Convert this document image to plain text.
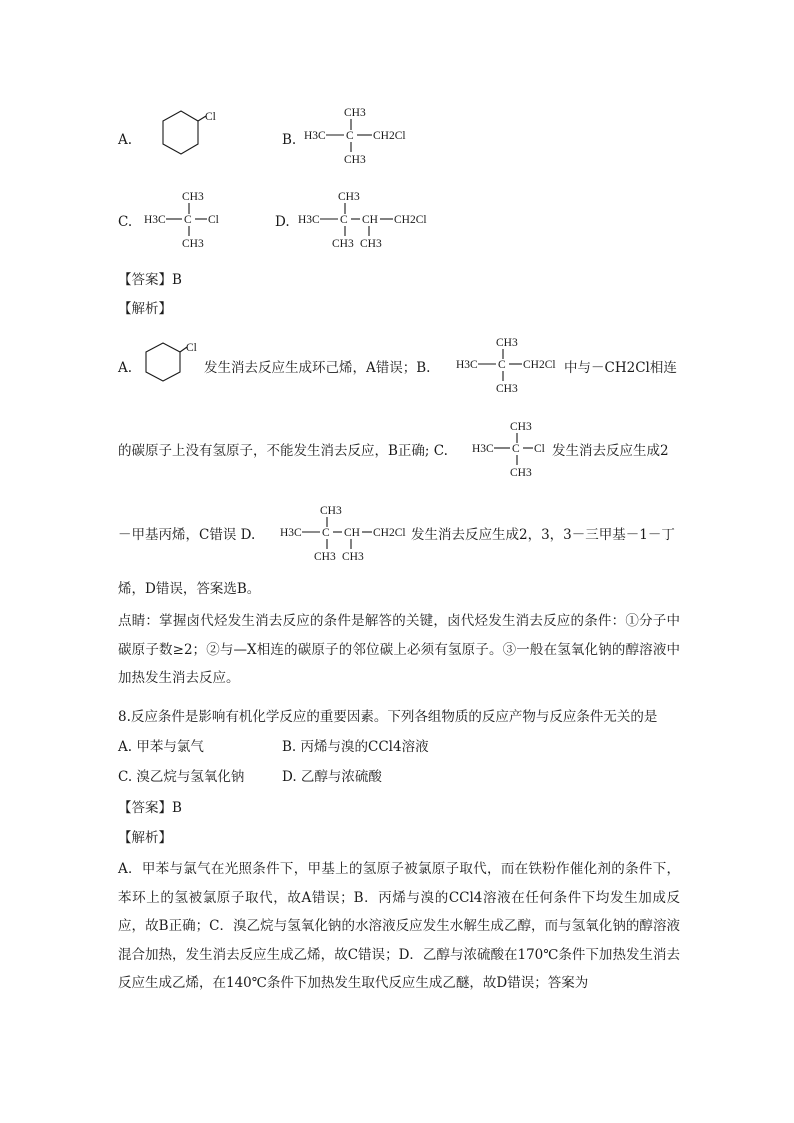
A.
Cl
B.
CH3
H3C C CH2Cl
CH3
C.
CH3
H3C C Cl
CH3
D.
CH3
H3C C CH CH2Cl
CH3 CH3
【答案】B
【解析】
A.
Cl
发生消去反应生成环己烯，A错误；B.
CH3
H3C C CH2Cl
CH3
中与－CH2Cl相连
的碳原子上没有氢原子，不能发生消去反应，B正确; C.
CH3
H3C C Cl
CH3
发生消去反应生成2
－甲基丙烯，C错误 D.
CH3
H3C C CH CH2Cl
CH3 CH3
发生消去反应生成2，3，3－三甲基－1－丁
烯，D错误，答案选B。
点睛：掌握卤代烃发生消去反应的条件是解答的关键，卤代烃发生消去反应的条件：①分子中碳原子数≥2；②与—X相连的碳原子的邻位碳上必须有氢原子。③一般在氢氧化钠的醇溶液中加热发生消去反应。
8.反应条件是影响有机化学反应的重要因素。下列各组物质的反应产物与反应条件无关的是
A. 甲苯与氯气	B. 丙烯与溴的CCl4溶液
C. 溴乙烷与氢氧化钠	D. 乙醇与浓硫酸
【答案】B
【解析】
A．甲苯与氯气在光照条件下，甲基上的氢原子被氯原子取代，而在铁粉作催化剂的条件下，苯环上的氢被氯原子取代，故A错误；B．丙烯与溴的CCl4溶液在任何条件下均发生加成反应，故B正确；C．溴乙烷与氢氧化钠的水溶液反应发生水解生成乙醇，而与氢氧化钠的醇溶液混合加热，发生消去反应生成乙烯，故C错误；D．乙醇与浓硫酸在170℃条件下加热发生消去反应生成乙烯，在140℃条件下加热发生取代反应生成乙醚，故D错误；答案为
